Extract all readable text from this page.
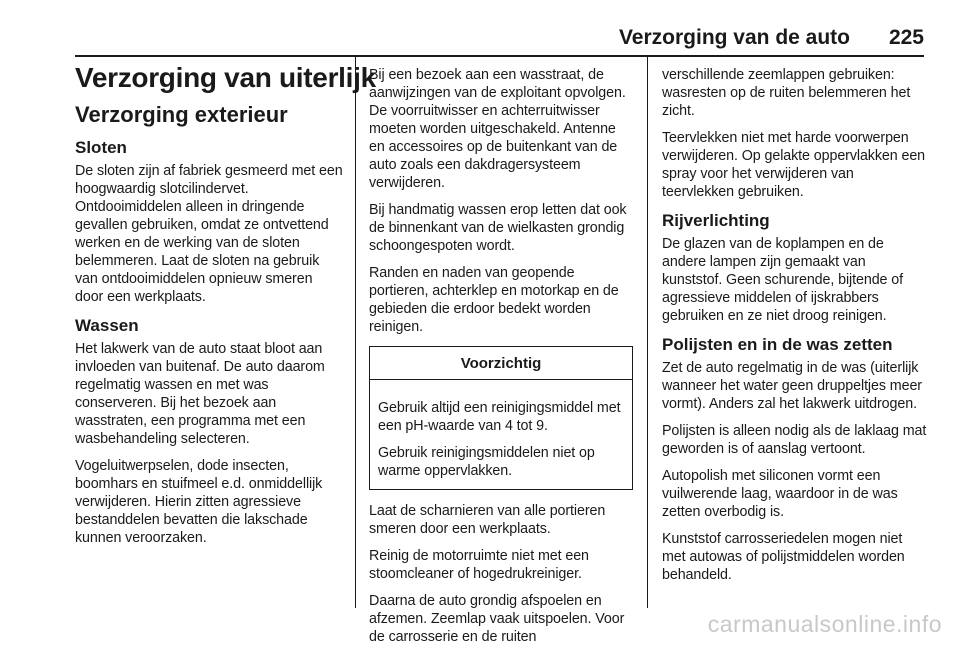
Verzorging van de auto 225
Verzorging van uiterlijk
Verzorging exterieur
Sloten

De sloten zijn af fabriek gesmeerd met een hoogwaardig slotcilindervet. Ontdooimiddelen alleen in dringende gevallen gebruiken, omdat ze ontvettend werken en de werking van de sloten belemmeren. Laat de sloten na gebruik van ontdooimiddelen opnieuw smeren door een werkplaats.

Wassen

Het lakwerk van de auto staat bloot aan invloeden van buitenaf. De auto daarom regelmatig wassen en met was conserveren. Bij het bezoek aan wasstraten, een programma met een wasbehandeling selecteren.

Vogeluitwerpselen, dode insecten, boomhars en stuifmeel e.d. onmiddellijk verwijderen. Hierin zitten agressieve bestanddelen bevatten die lakschade kunnen veroorzaken.

Bij een bezoek aan een wasstraat, de aanwijzingen van de exploitant opvolgen. De voorruitwisser en achterruitwisser moeten worden uitgeschakeld. Antenne en accessoires op de buitenkant van de auto zoals een dakdragersysteem verwijderen.

Bij handmatig wassen erop letten dat ook de binnenkant van de wielkasten grondig schoongespoten wordt.

Randen en naden van geopende portieren, achterklep en motorkap en de gebieden die erdoor bedekt worden reinigen.

Voorzichtig

Gebruik altijd een reinigingsmiddel met een pH-waarde van 4 tot 9.

Gebruik reinigingsmiddelen niet op warme oppervlakken.

Laat de scharnieren van alle portieren smeren door een werkplaats.

Reinig de motorruimte niet met een stoomcleaner of hogedrukreiniger.

Daarna de auto grondig afspoelen en afzemen. Zeemlap vaak uitspoelen. Voor de carrosserie en de ruiten

verschillende zeemlappen gebruiken: wasresten op de ruiten belemmeren het zicht.

Teervlekken niet met harde voorwerpen verwijderen. Op gelakte oppervlakken een spray voor het verwijderen van teervlekken gebruiken.

Rijverlichting

De glazen van de koplampen en de andere lampen zijn gemaakt van kunststof. Geen schurende, bijtende of agressieve middelen of ijskrabbers gebruiken en ze niet droog reinigen.

Polijsten en in de was zetten

Zet de auto regelmatig in de was (uiterlijk wanneer het water geen druppeltjes meer vormt). Anders zal het lakwerk uitdrogen.

Polijsten is alleen nodig als de laklaag mat geworden is of aanslag vertoont.

Autopolish met siliconen vormt een vuilwerende laag, waardoor in de was zetten overbodig is.

Kunststof carrosseriedelen mogen niet met autowas of polijstmiddelen worden behandeld.

carmanualsonline.info
